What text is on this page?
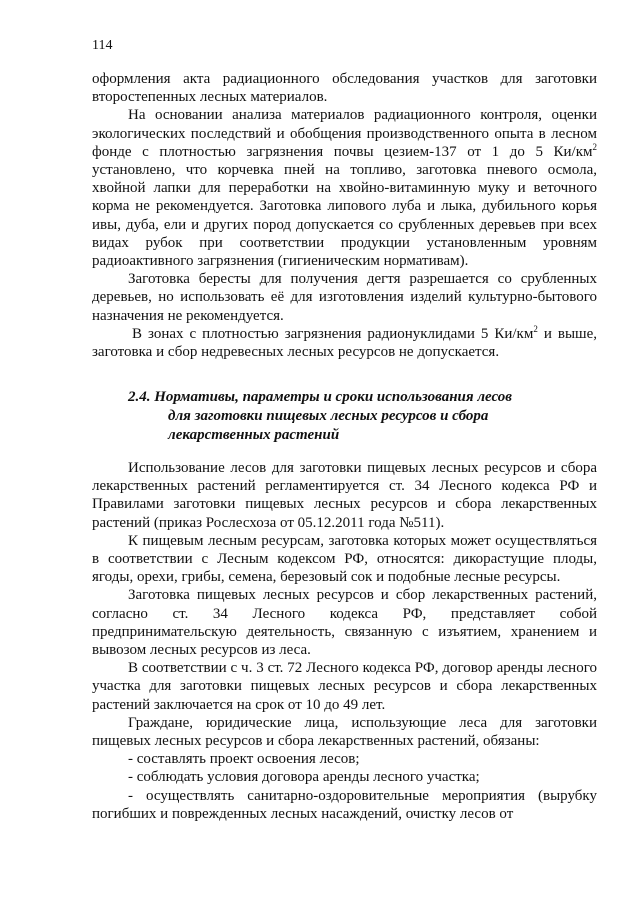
114

оформления акта радиационного обследования участков для заготовки второстепенных лесных материалов.

На основании анализа материалов радиационного контроля, оценки экологических последствий и обобщения производственного опыта в лесном фонде с плотностью загрязнения почвы цезием-137 от 1 до 5 $Ки/км^2$ установлено, что корчевка пней на топливо, заготовка пневого осмола, хвойной лапки для переработки на хвойно-витаминную муку и веточного корма не рекомендуется. Заготовка липового луба и лыка, дубильного корья ивы, дуба, ели и других пород допускается со срубленных деревьев при всех видах рубок при соответствии продукции установленным уровням радиоактивного загрязнения (гигиеническим нормативам).

Заготовка бересты для получения дегтя разрешается со срубленных деревьев, но использовать её для изготовления изделий культурно-бытового назначения не рекомендуется.

В зонах с плотностью загрязнения радионуклидами 5 $Ки/км^2$ и выше, заготовка и сбор недревесных лесных ресурсов не допускается.

2.4. Нормативы, параметры и сроки использования лесов
для заготовки пищевых лесных ресурсов и сбора
лекарственных растений

Использование лесов для заготовки пищевых лесных ресурсов и сбора лекарственных растений регламентируется ст. 34 Лесного кодекса РФ и Правилами заготовки пищевых лесных ресурсов и сбора лекарственных растений (приказ Рослесхоза от 05.12.2011 года №511).

К пищевым лесным ресурсам, заготовка которых может осуществляться в соответствии с Лесным кодексом РФ, относятся: дикорастущие плоды, ягоды, орехи, грибы, семена, березовый сок и подобные лесные ресурсы.

Заготовка пищевых лесных ресурсов и сбор лекарственных растений, согласно ст. 34 Лесного кодекса РФ, представляет собой предпринимательскую деятельность, связанную с изъятием, хранением и вывозом лесных ресурсов из леса.

В соответствии с ч. 3 ст. 72 Лесного кодекса РФ, договор аренды лесного участка для заготовки пищевых лесных ресурсов и сбора лекарственных растений заключается на срок от 10 до 49 лет.

Граждане, юридические лица, использующие леса для заготовки пищевых лесных ресурсов и сбора лекарственных растений, обязаны:

- составлять проект освоения лесов;

- соблюдать условия договора аренды лесного участка;

- осуществлять санитарно-оздоровительные мероприятия (вырубку погибших и поврежденных лесных насаждений, очистку лесов от
